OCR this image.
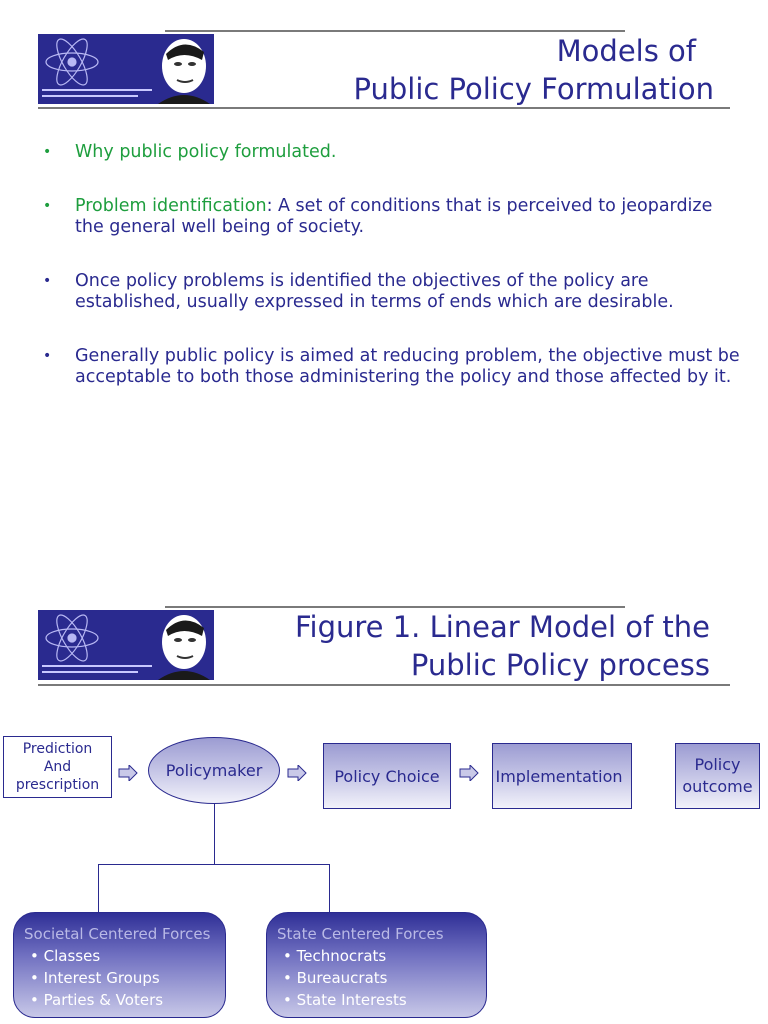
Models of
Public Policy Formulation
• Why public policy formulated.
• Problem identification: A set of conditions that is perceived to jeopardize the general well being of society.
• Once policy problems is identified the objectives of the policy are established, usually expressed in terms of ends which are desirable.
• Generally public policy is aimed at reducing problem, the objective must be acceptable to both those administering the policy and those affected by it.
Figure 1. Linear Model of the
Public Policy process
Prediction
And
prescription
Policymaker	Policy Choice	Implementation
Policy
outcome
Societal Centered Forces
• Classes
• Interest Groups
• Parties & Voters
State Centered Forces
• Technocrats
• Bureaucrats
• State Interests
